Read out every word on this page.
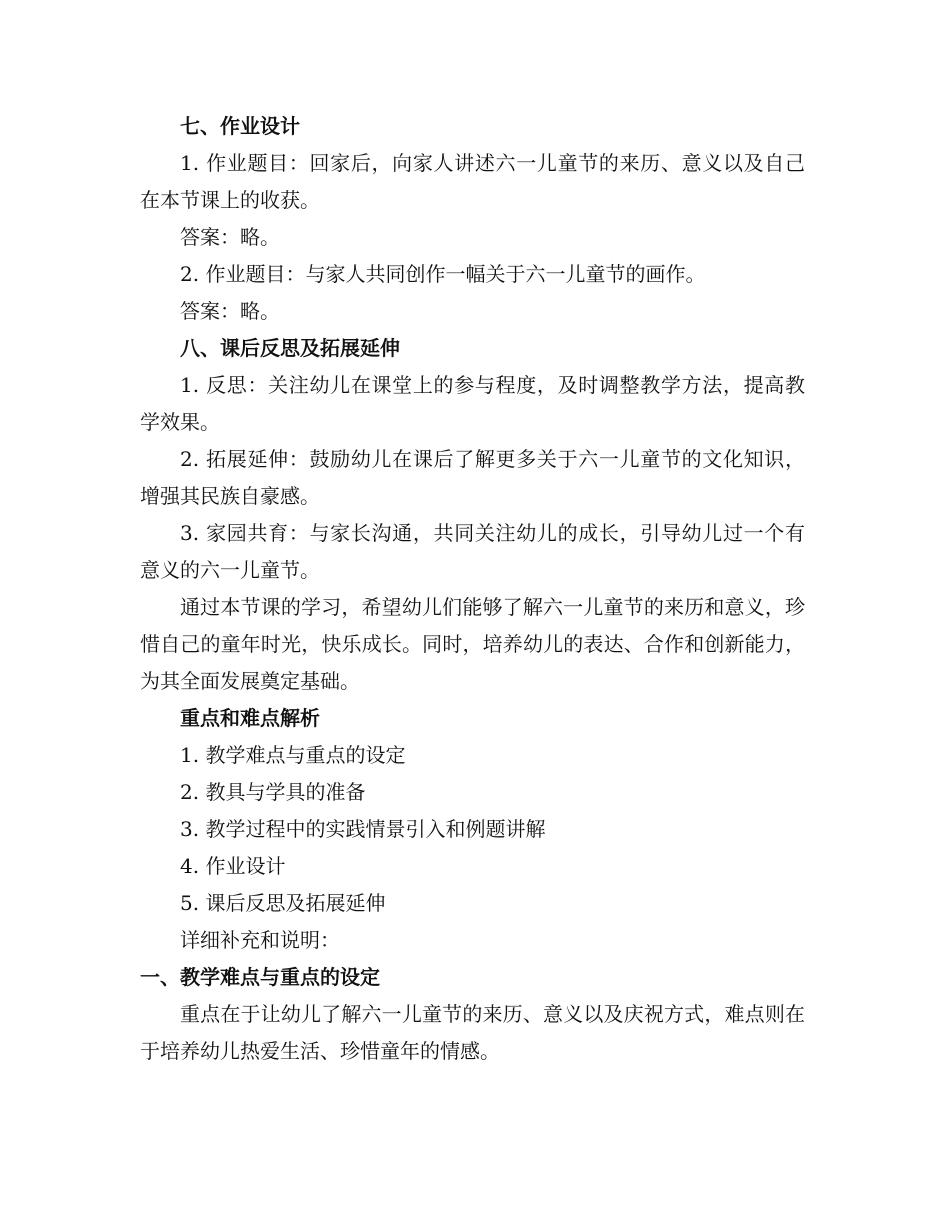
七、作业设计

1. 作业题目：回家后，向家人讲述六一儿童节的来历、意义以及自己在本节课上的收获。

答案：略。

2. 作业题目：与家人共同创作一幅关于六一儿童节的画作。

答案：略。

八、课后反思及拓展延伸

1. 反思：关注幼儿在课堂上的参与程度，及时调整教学方法，提高教学效果。

2. 拓展延伸：鼓励幼儿在课后了解更多关于六一儿童节的文化知识，增强其民族自豪感。

3. 家园共育：与家长沟通，共同关注幼儿的成长，引导幼儿过一个有意义的六一儿童节。

通过本节课的学习，希望幼儿们能够了解六一儿童节的来历和意义，珍惜自己的童年时光，快乐成长。同时，培养幼儿的表达、合作和创新能力，为其全面发展奠定基础。

重点和难点解析

1. 教学难点与重点的设定

2. 教具与学具的准备

3. 教学过程中的实践情景引入和例题讲解

4. 作业设计

5. 课后反思及拓展延伸

详细补充和说明：

一、教学难点与重点的设定

重点在于让幼儿了解六一儿童节的来历、意义以及庆祝方式，难点则在于培养幼儿热爱生活、珍惜童年的情感。
